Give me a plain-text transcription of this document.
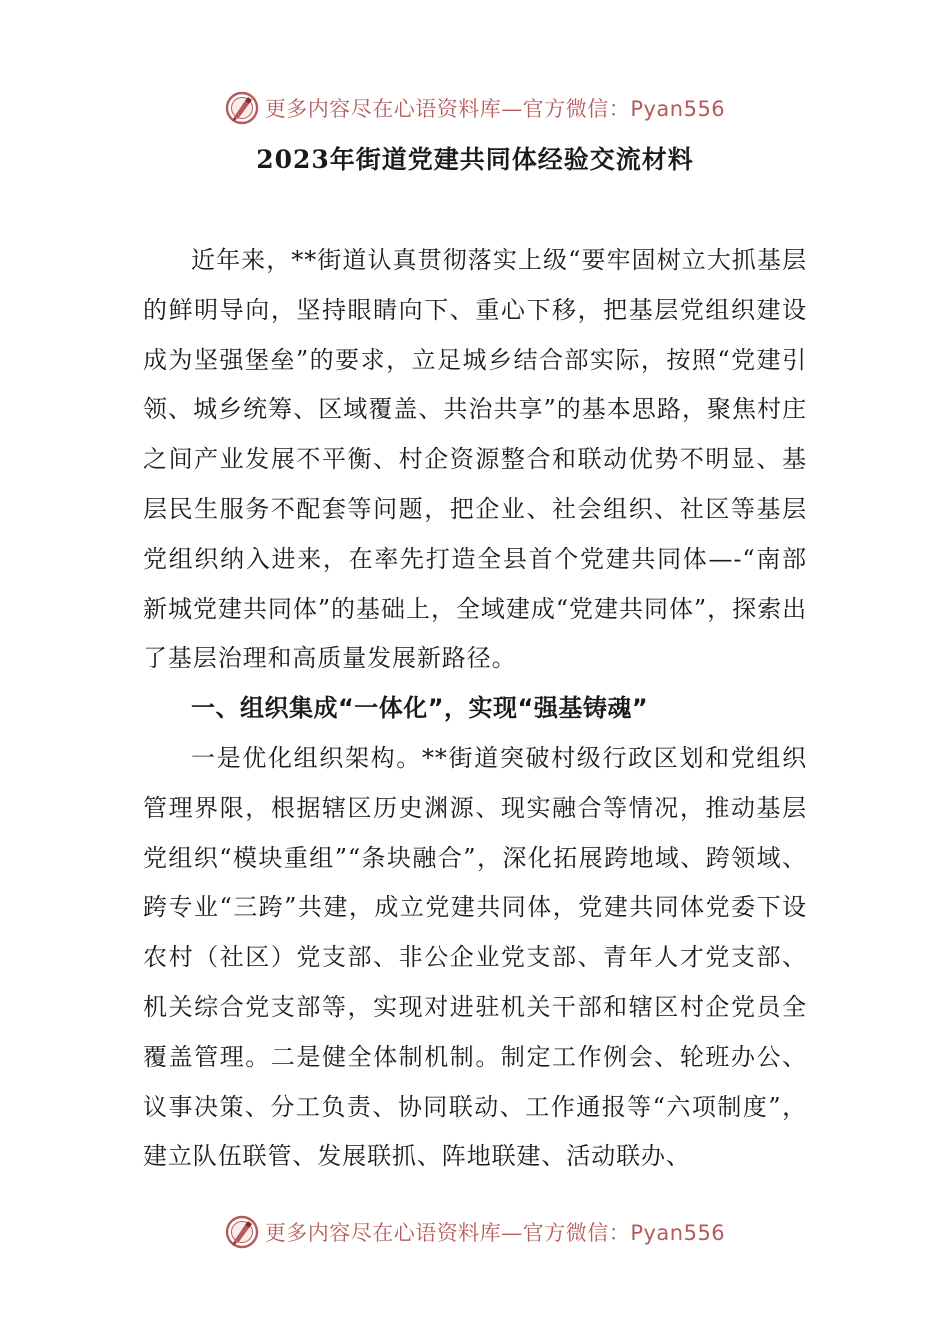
更多内容尽在心语资料库—官方微信：Pyan556
2023年街道党建共同体经验交流材料

近年来，**街道认真贯彻落实上级“要牢固树立大抓基层的鲜明导向，坚持眼睛向下、重心下移，把基层党组织建设成为坚强堡垒”的要求，立足城乡结合部实际，按照“党建引领、城乡统筹、区域覆盖、共治共享”的基本思路，聚焦村庄之间产业发展不平衡、村企资源整合和联动优势不明显、基层民生服务不配套等问题，把企业、社会组织、社区等基层党组织纳入进来，在率先打造全县首个党建共同体—-“南部新城党建共同体”的基础上，全域建成“党建共同体”，探索出了基层治理和高质量发展新路径。

一、组织集成“一体化”，实现“强基铸魂”

一是优化组织架构。**街道突破村级行政区划和党组织管理界限，根据辖区历史渊源、现实融合等情况，推动基层党组织“模块重组”“条块融合”，深化拓展跨地域、跨领域、跨专业“三跨”共建，成立党建共同体，党建共同体党委下设农村（社区）党支部、非公企业党支部、青年人才党支部、机关综合党支部等，实现对进驻机关干部和辖区村企党员全覆盖管理。二是健全体制机制。制定工作例会、轮班办公、议事决策、分工负责、协同联动、工作通报等“六项制度”，建立队伍联管、发展联抓、阵地联建、活动联办、

更多内容尽在心语资料库—官方微信：Pyan556
